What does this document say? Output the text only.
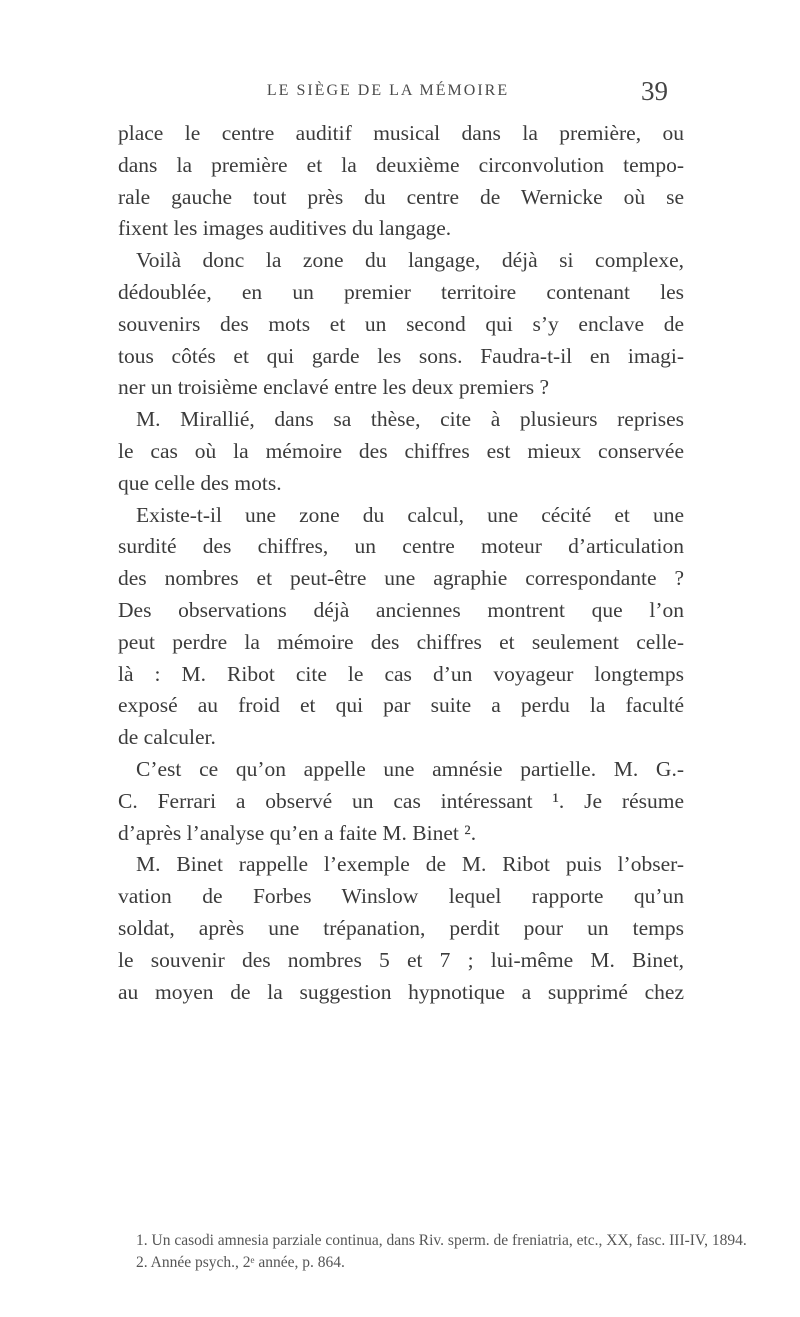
LE SIÈGE DE LA MÉMOIRE	39
place le centre auditif musical dans la première, ou
dans la première et la deuxième circonvolution tempo-
rale gauche tout près du centre de Wernicke où se
fixent les images auditives du langage.
Voilà donc la zone du langage, déjà si complexe,
dédoublée, en un premier territoire contenant les
souvenirs des mots et un second qui s’y enclave de
tous côtés et qui garde les sons. Faudra-t-il en imagi-
ner un troisième enclavé entre les deux premiers ?
M. Mirallié, dans sa thèse, cite à plusieurs reprises
le cas où la mémoire des chiffres est mieux conservée
que celle des mots.
Existe-t-il une zone du calcul, une cécité et une
surdité des chiffres, un centre moteur d’articulation
des nombres et peut-être une agraphie correspondante ?
Des observations déjà anciennes montrent que l’on
peut perdre la mémoire des chiffres et seulement celle-
là : M. Ribot cite le cas d’un voyageur longtemps
exposé au froid et qui par suite a perdu la faculté
de calculer.
C’est ce qu’on appelle une amnésie partielle. M. G.-
C. Ferrari a observé un cas intéressant ¹. Je résume
d’après l’analyse qu’en a faite M. Binet ².
M. Binet rappelle l’exemple de M. Ribot puis l’obser-
vation de Forbes Winslow lequel rapporte qu’un
soldat, après une trépanation, perdit pour un temps
le souvenir des nombres 5 et 7 ; lui-même M. Binet,
au moyen de la suggestion hypnotique a supprimé chez
1. Un casodi amnesia parziale continua, dans Riv. sperm. de freniatria, etc., XX, fasc. III-IV, 1894.
2. Année psych., 2ᵉ année, p. 864.
